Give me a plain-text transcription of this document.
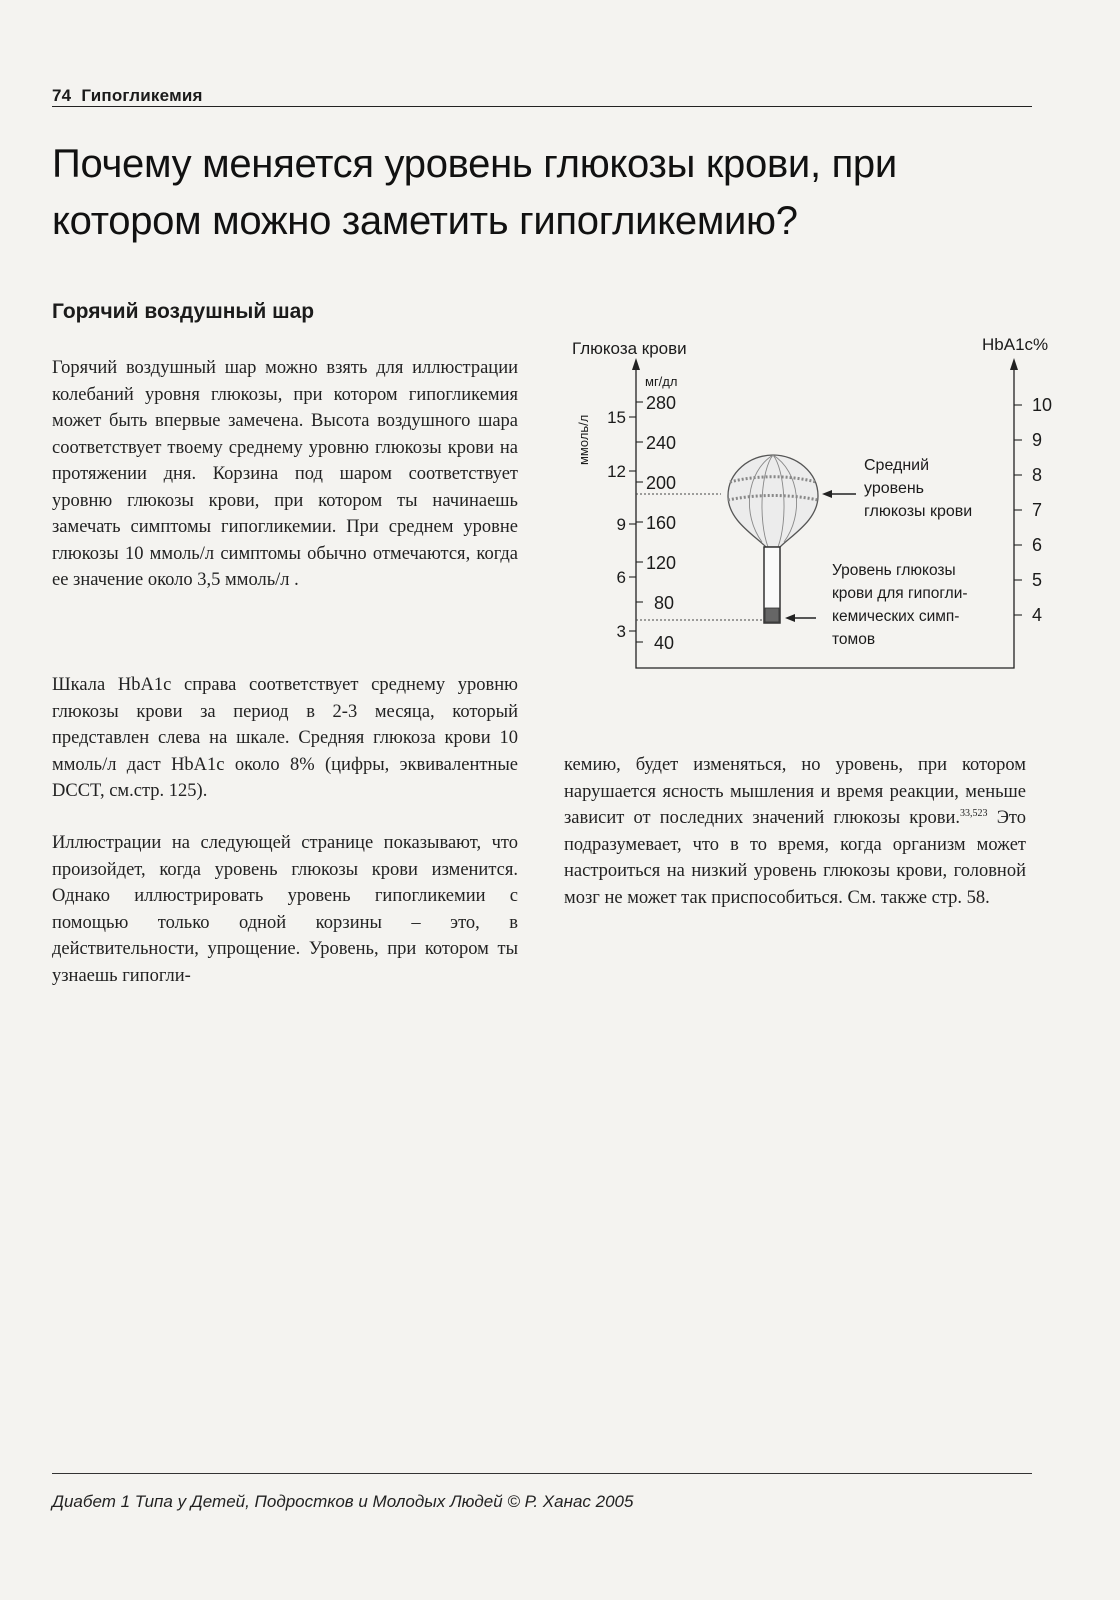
74 Гипогликемия
Почему меняется уровень глюкозы крови, при котором можно заметить гипогликемию?
Горячий воздушный шар
Горячий воздушный шар можно взять для иллюстрации колебаний уровня глюкозы, при котором гипогликемия может быть впервые замечена. Высота воздушного шара соответствует твоему среднему уровню глюкозы крови на протяжении дня. Корзина под шаром соответствует уровню глюкозы крови, при котором ты начинаешь замечать симптомы гипогликемии. При среднем уровне глюкозы 10 ммоль/л симптомы обычно отмечаются, когда ее значение около 3,5 ммоль/л .
Шкала HbA1c справа соответствует среднему уровню глюкозы крови за период в 2-3 месяца, который представлен слева на шкале. Средняя глюкоза крови 10 ммоль/л даст HbA1c около 8% (цифры, эквивалентные DCCT, см.стр. 125).
Иллюстрации на следующей странице показывают, что произойдет, когда уровень глюкозы крови изменится. Однако иллюстрировать уровень гипогликемии с помощью только одной корзины – это, в действительности, упрощение. Уровень, при котором ты узнаешь гипогли-
кемию, будет изменяться, но уровень, при котором нарушается ясность мышления и время реакции, меньше зависит от последних значений глюкозы крови.$^{33,523}$ Это подразумевает, что в то время, когда организм может настроиться на низкий уровень глюкозы крови, головной мозг не может так приспособиться. См. также стр. 58.
Глюкоза крови	HbA1c%
мг/дл
ммоль/л
280
240
200
160
120
80
40
15
12
9
6
3
10
9
8
7
6
5
4
Средний
уровень
глюкозы крови
Уровень глюкозы
крови для гипогли-
кемических симп-
томов
Диабет 1 Типа у Детей, Подростков и Молодых Людей © Р. Ханас 2005
